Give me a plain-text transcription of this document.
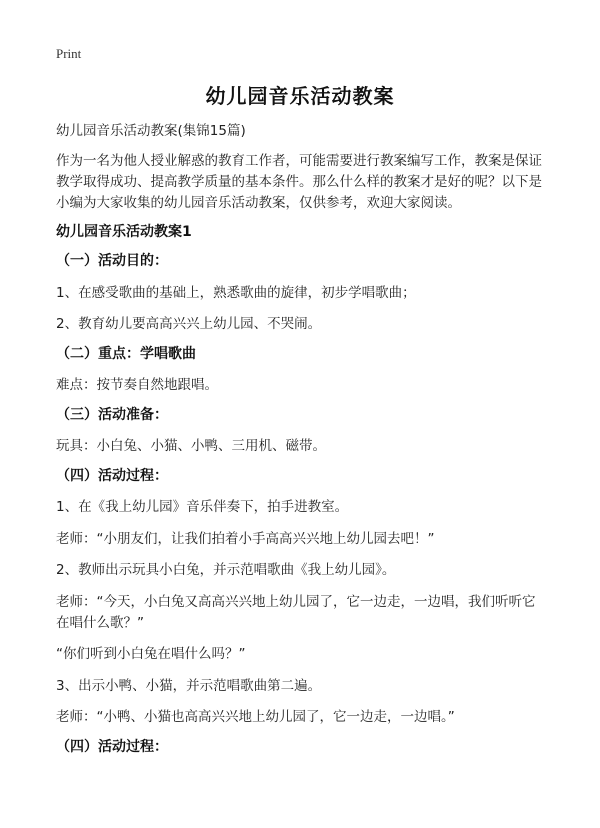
Print
幼儿园音乐活动教案
幼儿园音乐活动教案(集锦15篇)
作为一名为他人授业解惑的教育工作者，可能需要进行教案编写工作，教案是保证
教学取得成功、提高教学质量的基本条件。那么什么样的教案才是好的呢？以下是
小编为大家收集的幼儿园音乐活动教案，仅供参考，欢迎大家阅读。
幼儿园音乐活动教案1
（一）活动目的：
1、在感受歌曲的基础上，熟悉歌曲的旋律，初步学唱歌曲；
2、教育幼儿要高高兴兴上幼儿园、不哭闹。
（二）重点：学唱歌曲
难点：按节奏自然地跟唱。
（三）活动准备：
玩具：小白兔、小猫、小鸭、三用机、磁带。
（四）活动过程：
1、在《我上幼儿园》音乐伴奏下，拍手进教室。
老师：“小朋友们，让我们拍着小手高高兴兴地上幼儿园去吧！”
2、教师出示玩具小白兔，并示范唱歌曲《我上幼儿园》。
老师：“今天，小白兔又高高兴兴地上幼儿园了，它一边走，一边唱，我们听听它
在唱什么歌？”
“你们听到小白兔在唱什么吗？”
3、出示小鸭、小猫，并示范唱歌曲第二遍。
老师：“小鸭、小猫也高高兴兴地上幼儿园了，它一边走，一边唱。”
（四）活动过程：
